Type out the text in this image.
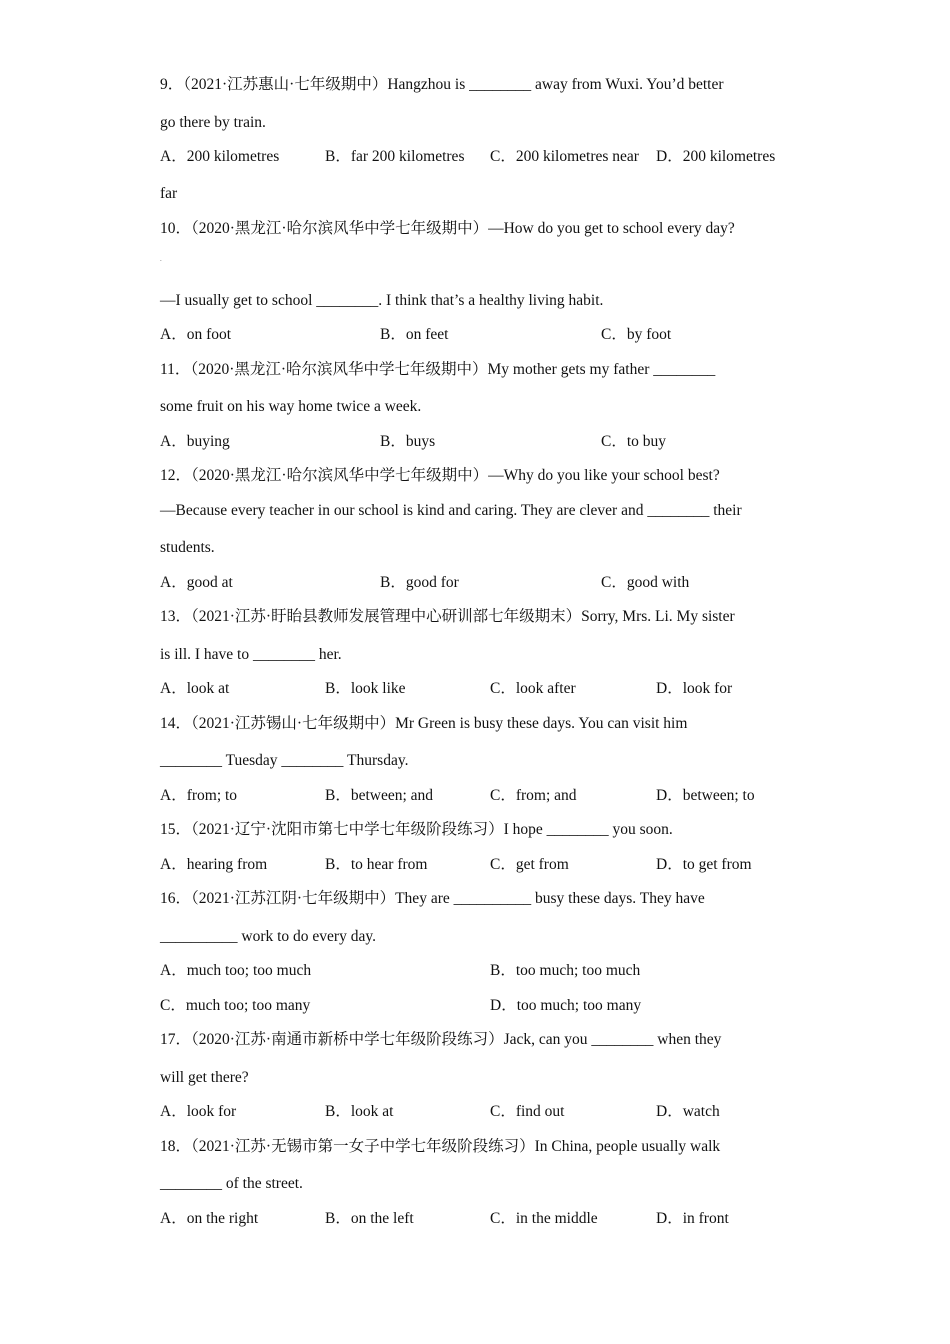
9．（2021·江苏惠山·七年级期中）Hangzhou is ________ away from Wuxi. You’d better
go there by train.
A．200 kilometres	B．far 200 kilometres C．200 kilometres near D．200 kilometres
far
10．（2020·黑龙江·哈尔滨风华中学七年级期中）—How do you get to school every day?
.
—I usually get to school ________. I think that’s a healthy living habit.
A．on foot	B．on feet	C．by foot
11．（2020·黑龙江·哈尔滨风华中学七年级期中）My mother gets my father ________
some fruit on his way home twice a week.
A．buying	B．buys	C．to buy
12．（2020·黑龙江·哈尔滨风华中学七年级期中）—Why do you like your school best?
—Because every teacher in our school is kind and caring. They are clever and ________ their
students.
A．good at	B．good for	C．good with
13．（2021·江苏·盱眙县教师发展管理中心研训部七年级期末）Sorry, Mrs. Li. My sister
is ill. I have to ________ her.
A．look at	B．look like	C．look after	D．look for
14．（2021·江苏锡山·七年级期中）Mr Green is busy these days. You can visit him
________ Tuesday ________ Thursday.
A．from; to	B．between; and	C．from; and	D．between; to
15．（2021·辽宁·沈阳市第七中学七年级阶段练习）I hope ________ you soon.
A．hearing from	B．to hear from	C．get from	D．to get from
16．（2021·江苏江阴·七年级期中）They are __________ busy these days. They have
__________ work to do every day.
A．much too; too much	B．too much; too much
C．much too; too many	D．too much; too many
17．（2020·江苏·南通市新桥中学七年级阶段练习）Jack, can you ________ when they
will get there?
A．look for	B．look at	C．find out	D．watch
18．（2021·江苏·无锡市第一女子中学七年级阶段练习）In China, people usually walk
________ of the street.
A．on the right	B．on the left	C．in the middle	D．in front
